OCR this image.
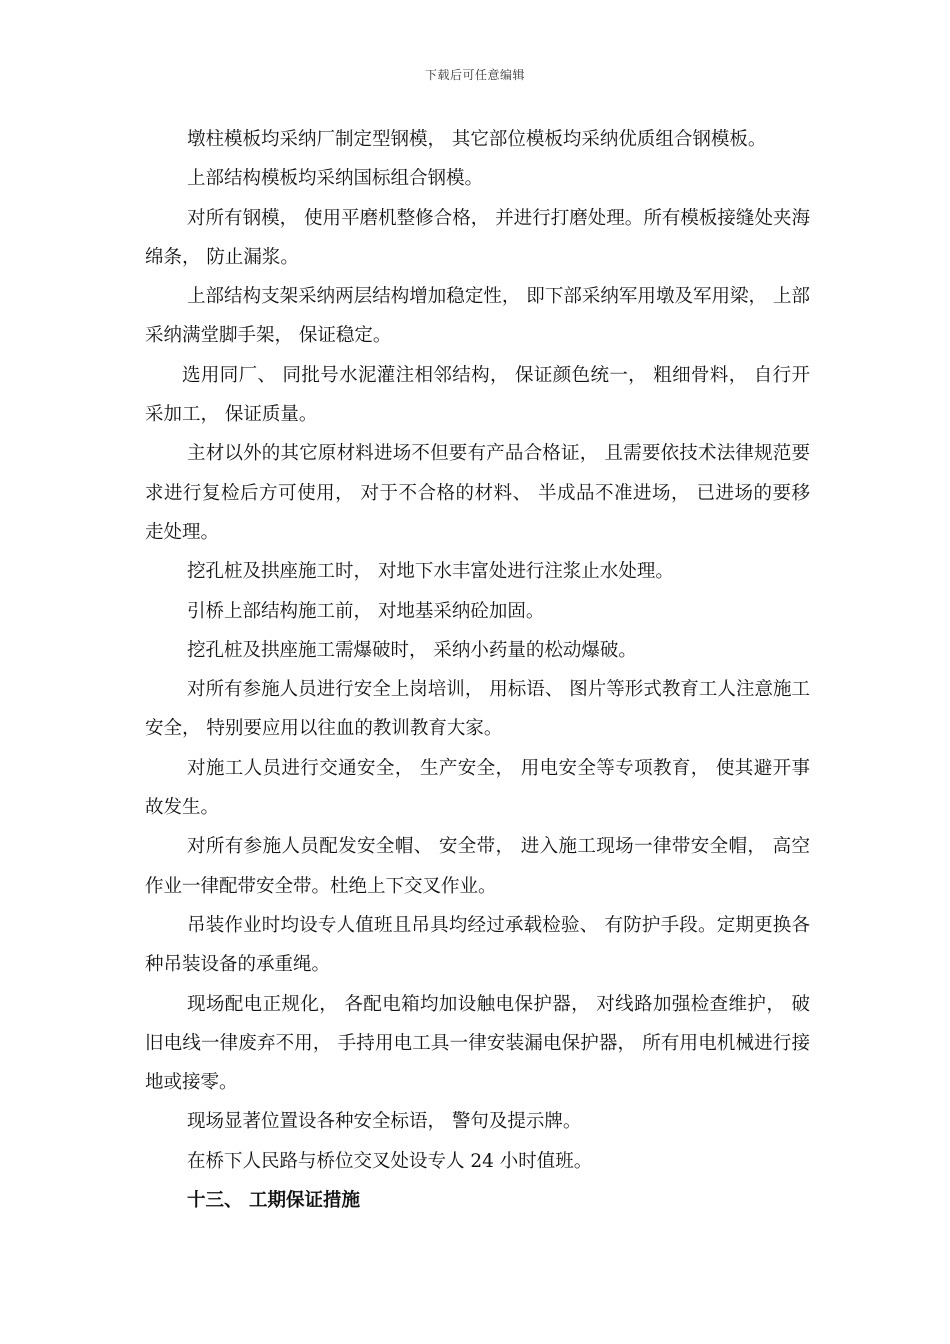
下载后可任意编辑

墩柱模板均采纳厂制定型钢模， 其它部位模板均采纳优质组合钢模板。

上部结构模板均采纳国标组合钢模。

对所有钢模， 使用平磨机整修合格， 并进行打磨处理。所有模板接缝处夹海绵条， 防止漏浆。

上部结构支架采纳两层结构增加稳定性， 即下部采纳军用墩及军用梁， 上部采纳满堂脚手架， 保证稳定。

选用同厂、 同批号水泥灌注相邻结构， 保证颜色统一， 粗细骨料， 自行开采加工， 保证质量。

主材以外的其它原材料进场不但要有产品合格证， 且需要依技术法律规范要求进行复检后方可使用， 对于不合格的材料、 半成品不准进场， 已进场的要移走处理。

挖孔桩及拱座施工时， 对地下水丰富处进行注浆止水处理。

引桥上部结构施工前， 对地基采纳砼加固。

挖孔桩及拱座施工需爆破时， 采纳小药量的松动爆破。

对所有参施人员进行安全上岗培训， 用标语、 图片等形式教育工人注意施工安全， 特别要应用以往血的教训教育大家。

对施工人员进行交通安全， 生产安全， 用电安全等专项教育， 使其避开事故发生。

对所有参施人员配发安全帽、 安全带， 进入施工现场一律带安全帽， 高空作业一律配带安全带。杜绝上下交叉作业。

吊装作业时均设专人值班且吊具均经过承载检验、 有防护手段。定期更换各种吊装设备的承重绳。

现场配电正规化， 各配电箱均加设触电保护器， 对线路加强检查维护， 破旧电线一律废弃不用， 手持用电工具一律安装漏电保护器， 所有用电机械进行接地或接零。

现场显著位置设各种安全标语， 警句及提示牌。

在桥下人民路与桥位交叉处设专人 24 小时值班。

十三、 工期保证措施
